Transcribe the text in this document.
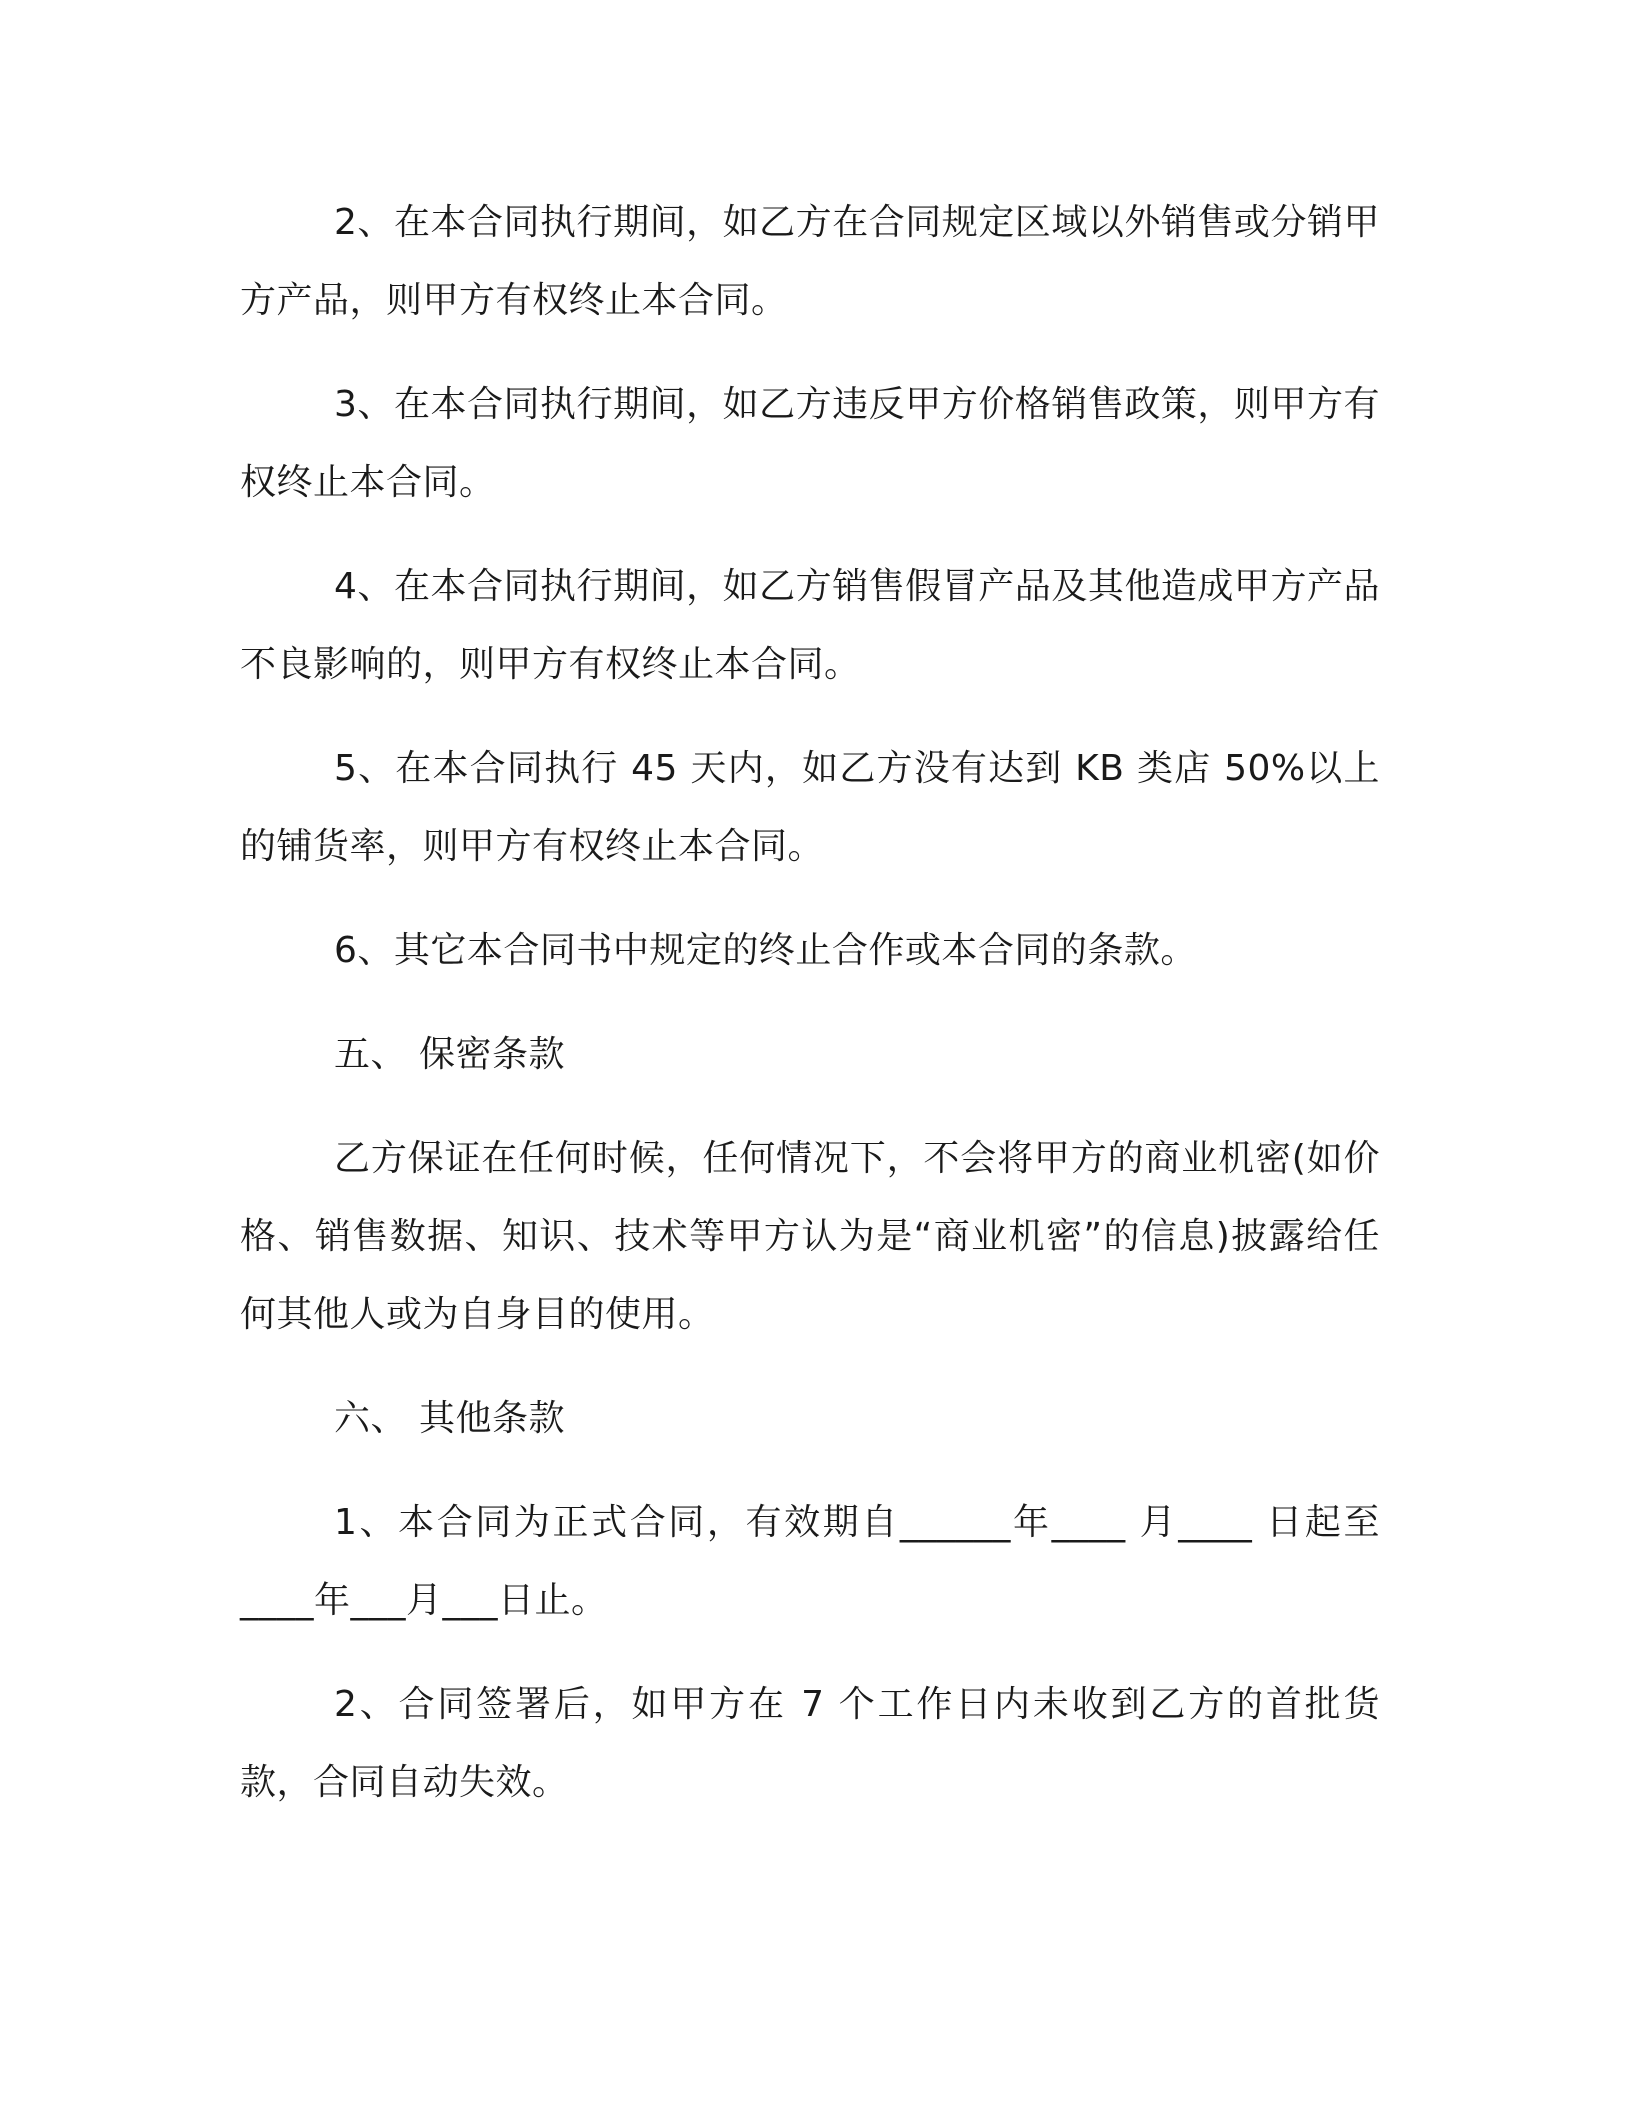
2、在本合同执行期间，如乙方在合同规定区域以外销售或分销甲方产品，则甲方有权终止本合同。

3、在本合同执行期间，如乙方违反甲方价格销售政策，则甲方有权终止本合同。

4、在本合同执行期间，如乙方销售假冒产品及其他造成甲方产品不良影响的，则甲方有权终止本合同。

5、在本合同执行 45 天内，如乙方没有达到 KB 类店 50%以上的铺货率，则甲方有权终止本合同。

6、其它本合同书中规定的终止合作或本合同的条款。

五、 保密条款

乙方保证在任何时候，任何情况下，不会将甲方的商业机密(如价格、销售数据、知识、技术等甲方认为是“商业机密”的信息)披露给任何其他人或为自身目的使用。

六、 其他条款

1、本合同为正式合同，有效期自______年____ 月____ 日起至____年___月___日止。

2、合同签署后，如甲方在 7 个工作日内未收到乙方的首批货款，合同自动失效。
